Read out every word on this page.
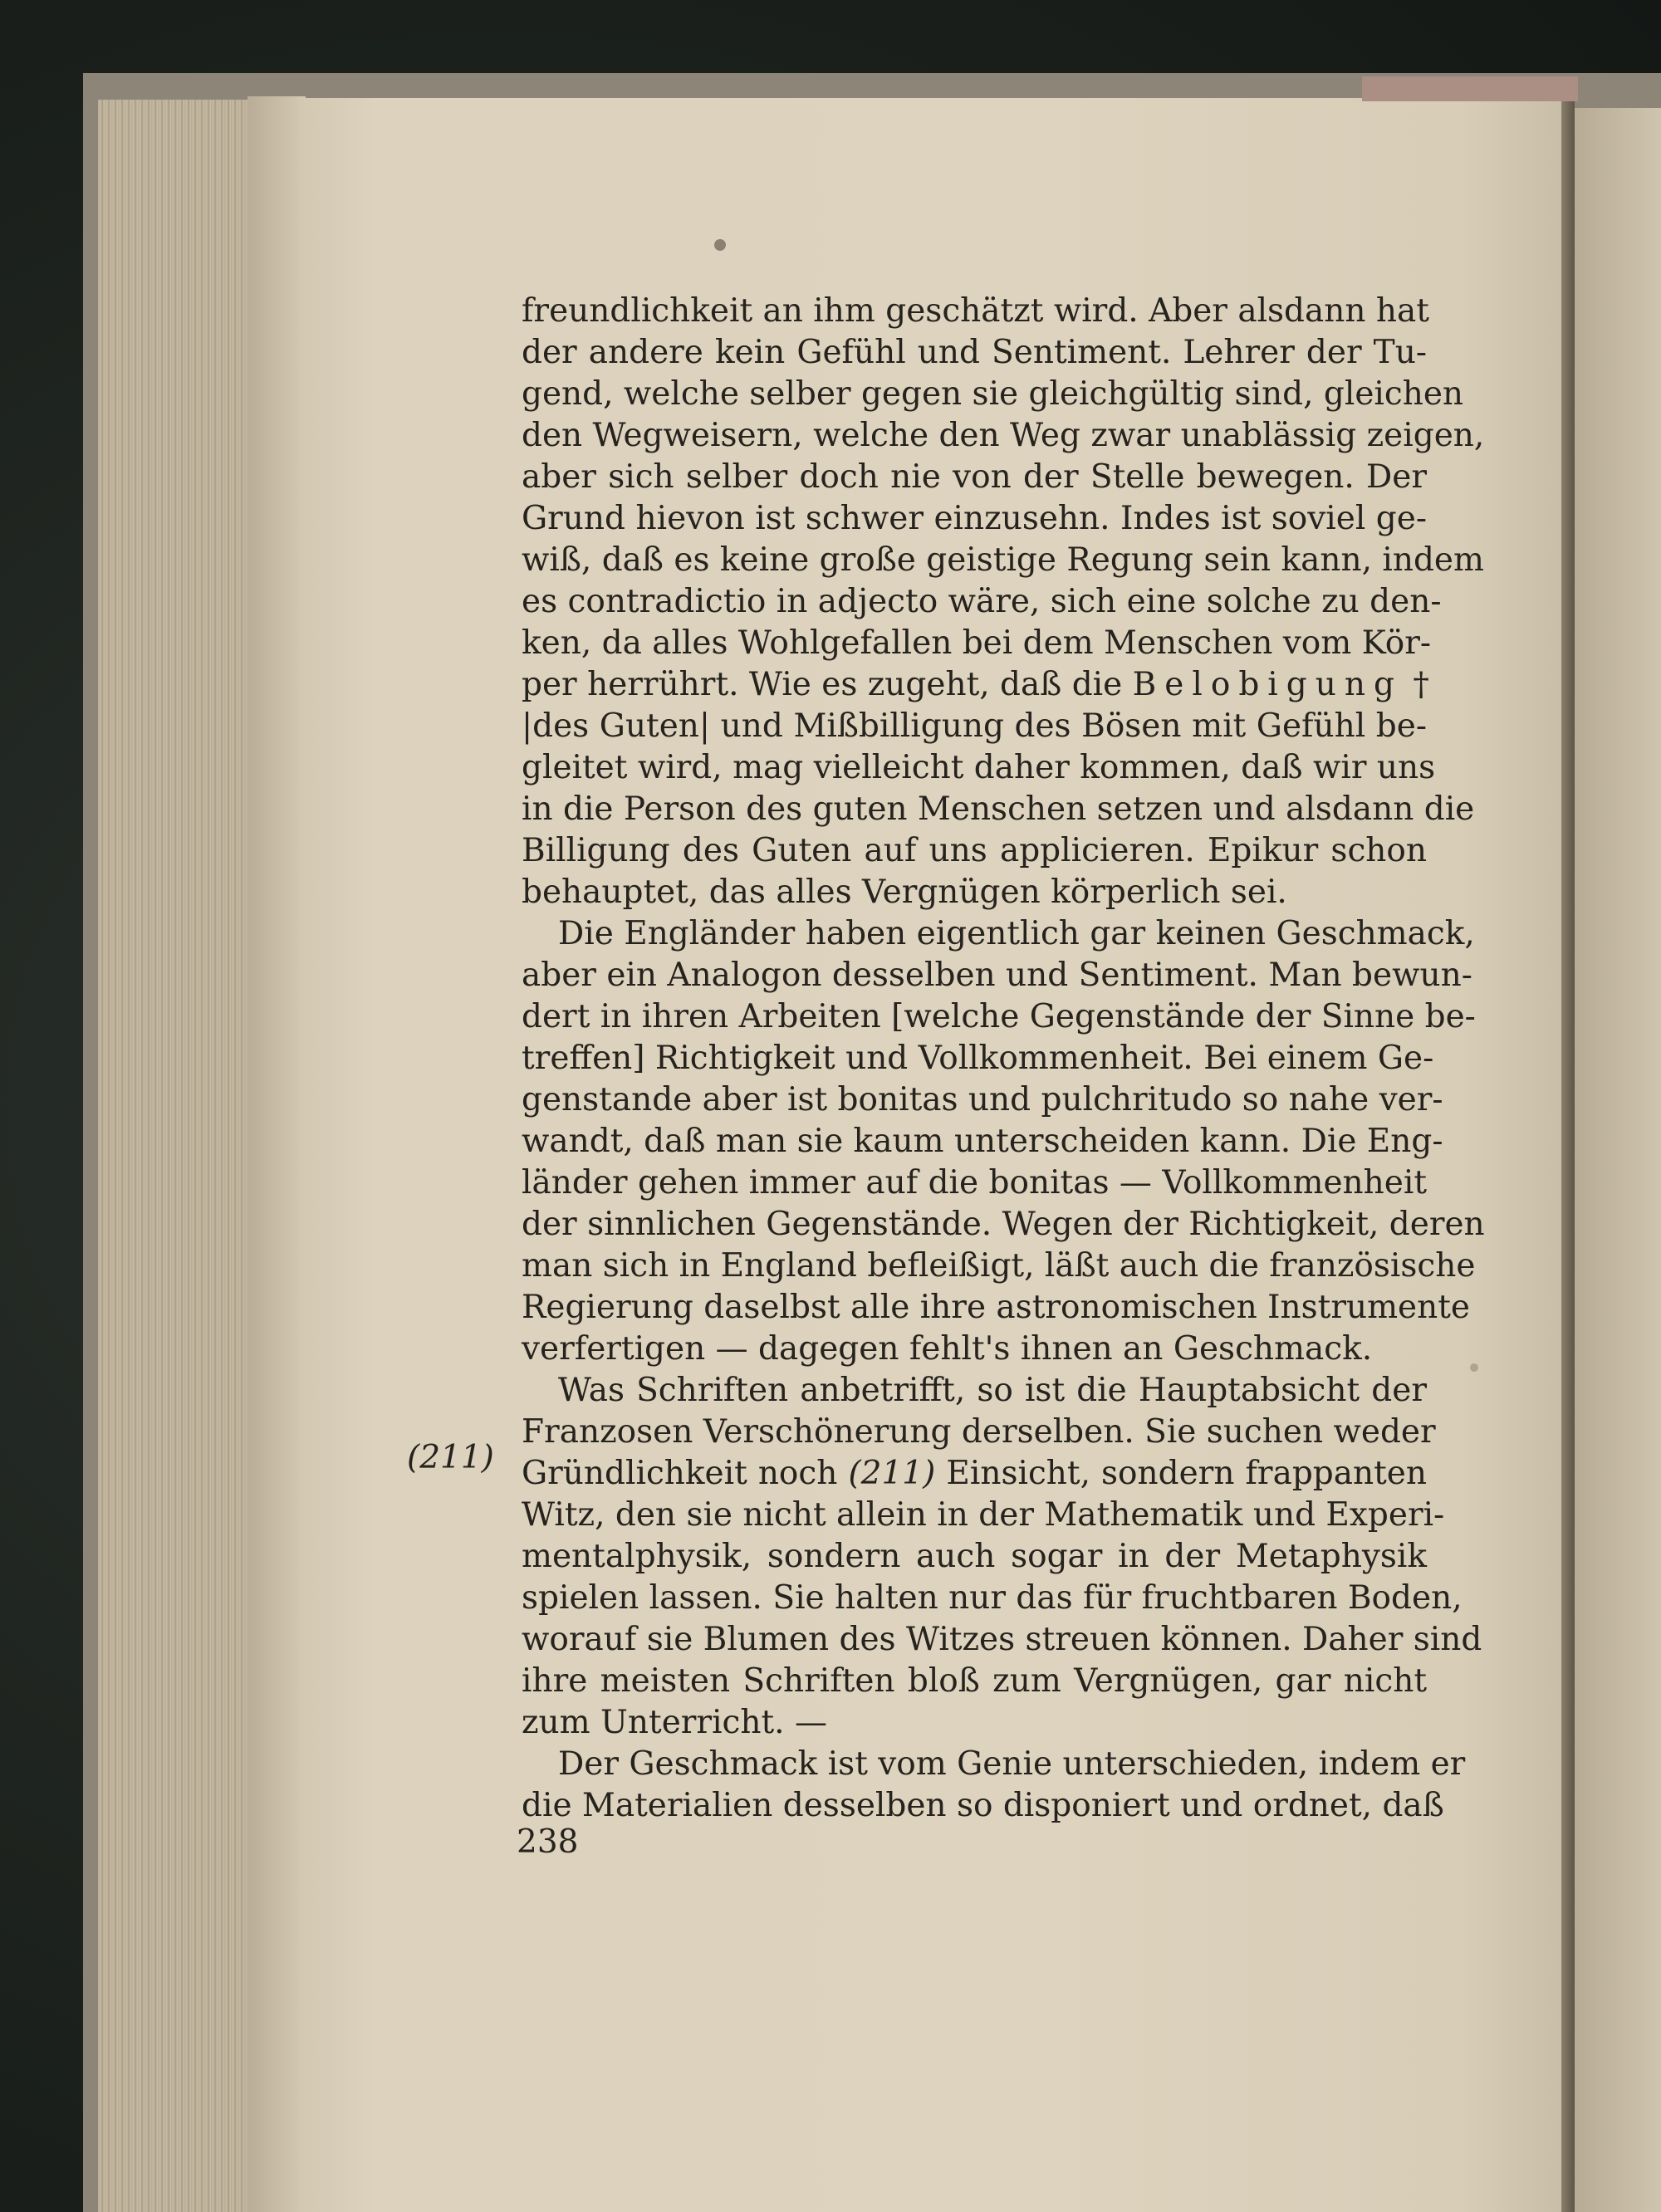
(211)
freundlichkeit an ihm geschätzt wird. Aber alsdann hat
der andere kein Gefühl und Sentiment. Lehrer der Tu-
gend, welche selber gegen sie gleichgültig sind, gleichen
den Wegweisern, welche den Weg zwar unablässig zeigen,
aber sich selber doch nie von der Stelle bewegen. Der
Grund hievon ist schwer einzusehn. Indes ist soviel ge-
wiß, daß es keine große geistige Regung sein kann, indem
es contradictio in adjecto wäre, sich eine solche zu den-
ken, da alles Wohlgefallen bei dem Menschen vom Kör-
per herrührt. Wie es zugeht, daß die Belobigung †
|des Guten| und Mißbilligung des Bösen mit Gefühl be-
gleitet wird, mag vielleicht daher kommen, daß wir uns
in die Person des guten Menschen setzen und alsdann die
Billigung des Guten auf uns applicieren. Epikur schon
behauptet, das alles Vergnügen körperlich sei.
Die Engländer haben eigentlich gar keinen Geschmack,
aber ein Analogon desselben und Sentiment. Man bewun-
dert in ihren Arbeiten [welche Gegenstände der Sinne be-
treffen] Richtigkeit und Vollkommenheit. Bei einem Ge-
genstande aber ist bonitas und pulchritudo so nahe ver-
wandt, daß man sie kaum unterscheiden kann. Die Eng-
länder gehen immer auf die bonitas — Vollkommenheit
der sinnlichen Gegenstände. Wegen der Richtigkeit, deren
man sich in England befleißigt, läßt auch die französische
Regierung daselbst alle ihre astronomischen Instrumente
verfertigen — dagegen fehlt's ihnen an Geschmack.
Was Schriften anbetrifft, so ist die Hauptabsicht der
Franzosen Verschönerung derselben. Sie suchen weder
Gründlichkeit noch (211) Einsicht, sondern frappanten
Witz, den sie nicht allein in der Mathematik und Experi-
mentalphysik, sondern auch sogar in der Metaphysik
spielen lassen. Sie halten nur das für fruchtbaren Boden,
worauf sie Blumen des Witzes streuen können. Daher sind
ihre meisten Schriften bloß zum Vergnügen, gar nicht
zum Unterricht. —
Der Geschmack ist vom Genie unterschieden, indem er
die Materialien desselben so disponiert und ordnet, daß
238
